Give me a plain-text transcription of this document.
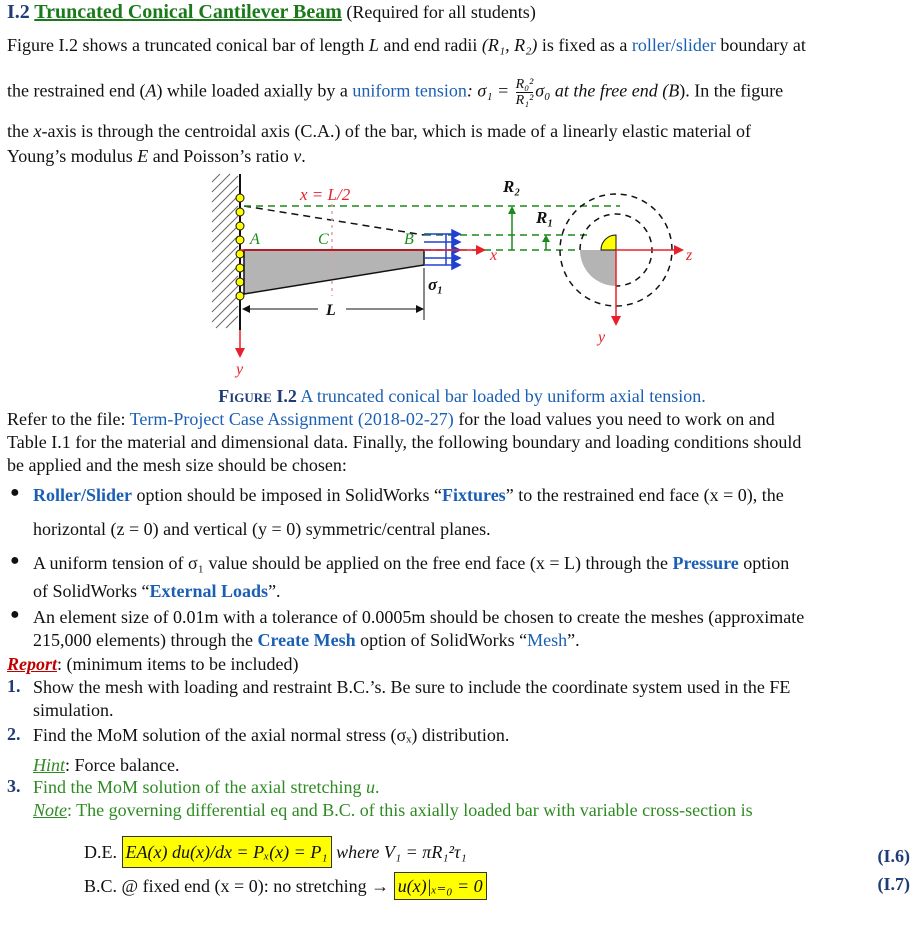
I.2 Truncated Conical Cantilever Beam (Required for all students)
Figure I.2 shows a truncated conical bar of length L and end radii (R₁, R₂) is fixed as a roller/slider boundary at
the restrained end (A) while loaded axially by a uniform tension: $\sigma_1 = \frac{\text{R₀²}}{\text{R₁²}} \sigma_0$ at the free end (B). In the figure
the x-axis is through the centroidal axis (C.A.) of the bar, which is made of a linearly elastic material of
Young’s modulus E and Poisson’s ratio ν.
x = L/2	R₂
R₁
A	C	B
x	z
σ₁
L
y
y
Figure I.2 A truncated conical bar loaded by uniform axial tension.
Refer to the file: Term-Project Case Assignment (2018-02-27) for the load values you need to work on and
Table I.1 for the material and dimensional data. Finally, the following boundary and loading conditions should
be applied and the mesh size should be chosen:
● Roller/Slider option should be imposed in SolidWorks “Fixtures” to the restrained end face (x = 0), the
horizontal (z = 0) and vertical (y = 0) symmetric/central planes.
● A uniform tension of σ₁ value should be applied on the free end face (x = L) through the Pressure option
of SolidWorks “External Loads”.
● An element size of 0.01m with a tolerance of 0.0005m should be chosen to create the meshes (approximate
215,000 elements) through the Create Mesh option of SolidWorks “Mesh”.
Report: (minimum items to be included)
1. Show the mesh with loading and restraint B.C.’s. Be sure to include the coordinate system used in the FE
simulation.
2. Find the MoM solution of the axial normal stress (σₓ) distribution.
Hint: Force balance.
3. Find the MoM solution of the axial stretching u.
Note: The governing differential eq and B.C. of this axially loaded bar with variable cross-section is
D.E. EA(x) du(x)/dx = Pₓ(x) = P₁ where V₁ = πR₁²τ₁	(I.6)
B.C. @ fixed end (x = 0): no stretching → u(x)|ₓ₌₀ = 0	(I.7)
